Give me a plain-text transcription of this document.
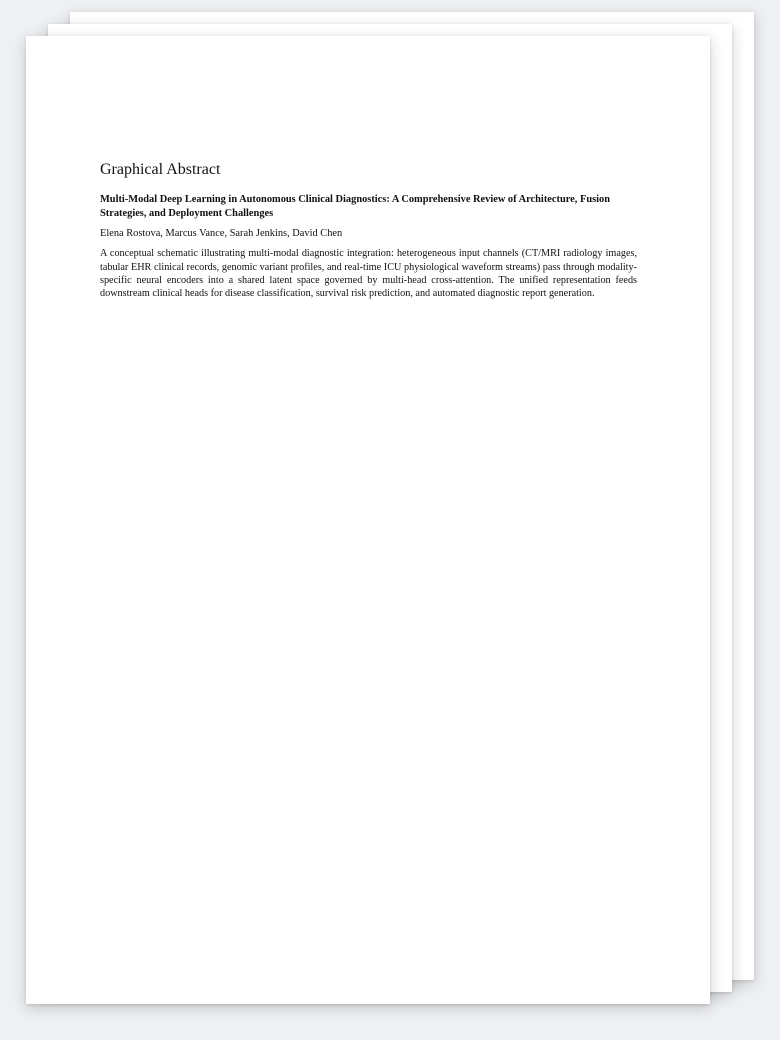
Graphical Abstract
Multi-Modal Deep Learning in Autonomous Clinical Diagnostics: A Comprehensive Review of Architecture, Fusion Strategies, and Deployment Challenges
Elena Rostova, Marcus Vance, Sarah Jenkins, David Chen

A conceptual schematic illustrating multi-modal diagnostic integration: heterogeneous input channels (CT/MRI radiology images, tabular EHR clinical records, genomic variant profiles, and real-time ICU physiological waveform streams) pass through modality-specific neural encoders into a shared latent space governed by multi-head cross-attention. The unified representation feeds downstream clinical heads for disease classification, survival risk prediction, and automated diagnostic report generation.
